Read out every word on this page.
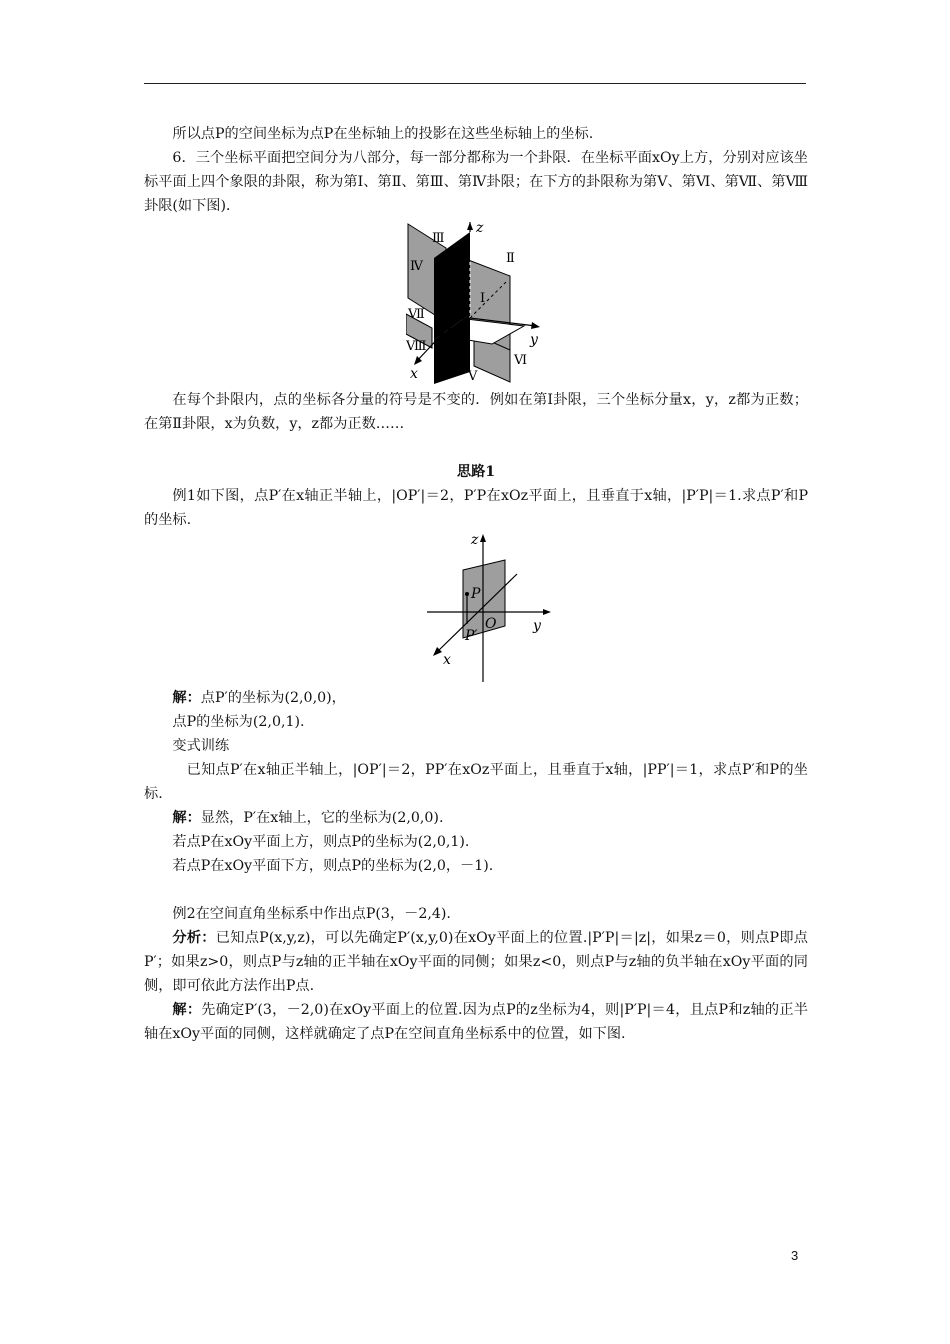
所以点P的空间坐标为点P在坐标轴上的投影在这些坐标轴上的坐标.

6．三个坐标平面把空间分为八部分，每一部分都称为一个卦限．在坐标平面xOy上方，分别对应该坐标平面上四个象限的卦限，称为第Ⅰ、第Ⅱ、第Ⅲ、第Ⅳ卦限；在下方的卦限称为第Ⅴ、第Ⅵ、第Ⅶ、第Ⅷ卦限(如下图)．

z
y
x
Ⅲ
Ⅱ
Ⅳ
Ⅰ
Ⅶ
Ⅷ
Ⅵ
Ⅴ

在每个卦限内，点的坐标各分量的符号是不变的．例如在第Ⅰ卦限，三个坐标分量x，y，z都为正数；在第Ⅱ卦限，x为负数，y，z都为正数……

思路1

例1如下图，点P′在x轴正半轴上，|OP′|＝2，P′P在xOz平面上，且垂直于x轴，|P′P|＝1.求点P′和P的坐标.

z
y
x
O
P
P′

解：点P′的坐标为(2,0,0)，

点P的坐标为(2,0,1).

变式训练

已知点P′在x轴正半轴上，|OP′|＝2，PP′在xOz平面上，且垂直于x轴，|PP′|＝1，求点P′和P的坐标.

解：显然，P′在x轴上，它的坐标为(2,0,0).

若点P在xOy平面上方，则点P的坐标为(2,0,1).

若点P在xOy平面下方，则点P的坐标为(2,0，－1).

例2在空间直角坐标系中作出点P(3，－2,4).

分析：已知点P(x,y,z)，可以先确定P′(x,y,0)在xOy平面上的位置.|P′P|＝|z|，如果z＝0，则点P即点P′；如果z>0，则点P与z轴的正半轴在xOy平面的同侧；如果z<0，则点P与z轴的负半轴在xOy平面的同侧，即可依此方法作出P点.

解：先确定P′(3，－2,0)在xOy平面上的位置.因为点P的z坐标为4，则|P′P|＝4，且点P和z轴的正半轴在xOy平面的同侧，这样就确定了点P在空间直角坐标系中的位置，如下图.

3
